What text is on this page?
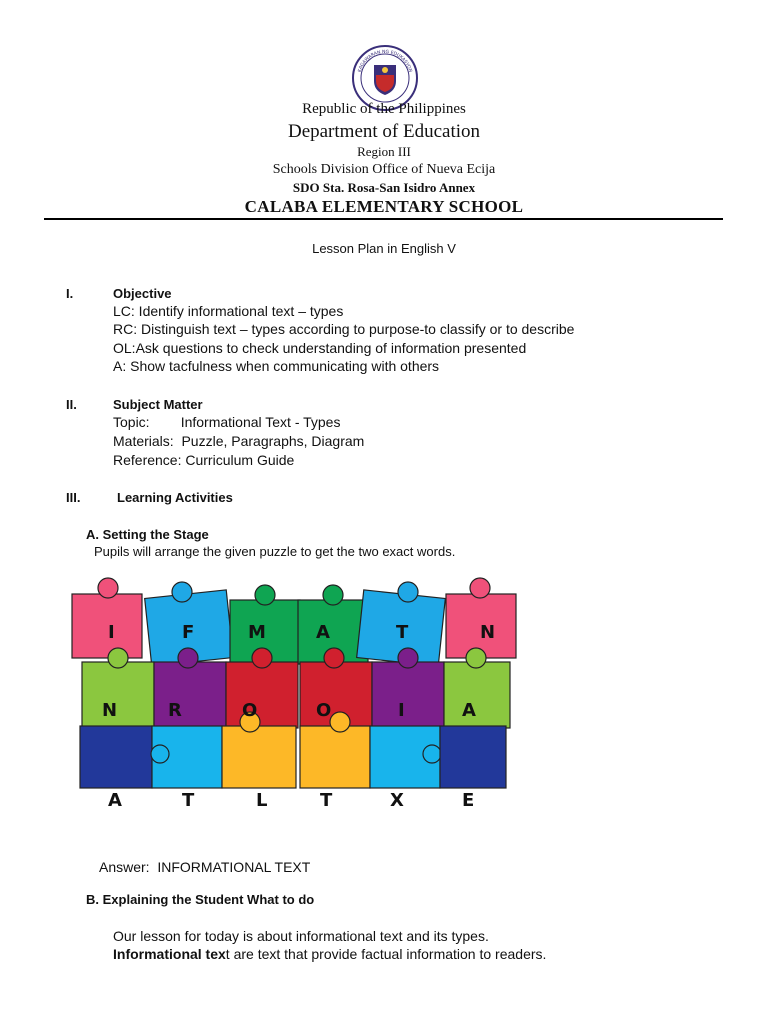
KAGAWARAN NG EDUKASYON
Republic of the Philippines
Department of Education
Region III
Schools Division Office of Nueva Ecija
SDO Sta. Rosa-San Isidro Annex
CALABA ELEMENTARY SCHOOL
Lesson Plan in English V
I.	Objective
LC: Identify informational text – types
RC: Distinguish text – types according to purpose-to classify or to describe
OL:Ask questions to check understanding of information presented
A: Show tacfulness when communicating with others
II.	Subject Matter
Topic:        Informational Text - Types
Materials:  Puzzle, Paragraphs, Diagram
Reference: Curriculum Guide
III.	Learning Activities
A. Setting the Stage
Pupils will arrange the given puzzle to get the two exact words.
I	F	M	A	T	N
N	R	O	O	I	A
A	T	L	T	X	E
Answer:  INFORMATIONAL TEXT
B. Explaining the Student What to do
Our lesson for today is about informational text and its types.
Informational text are text that provide factual information to readers.
